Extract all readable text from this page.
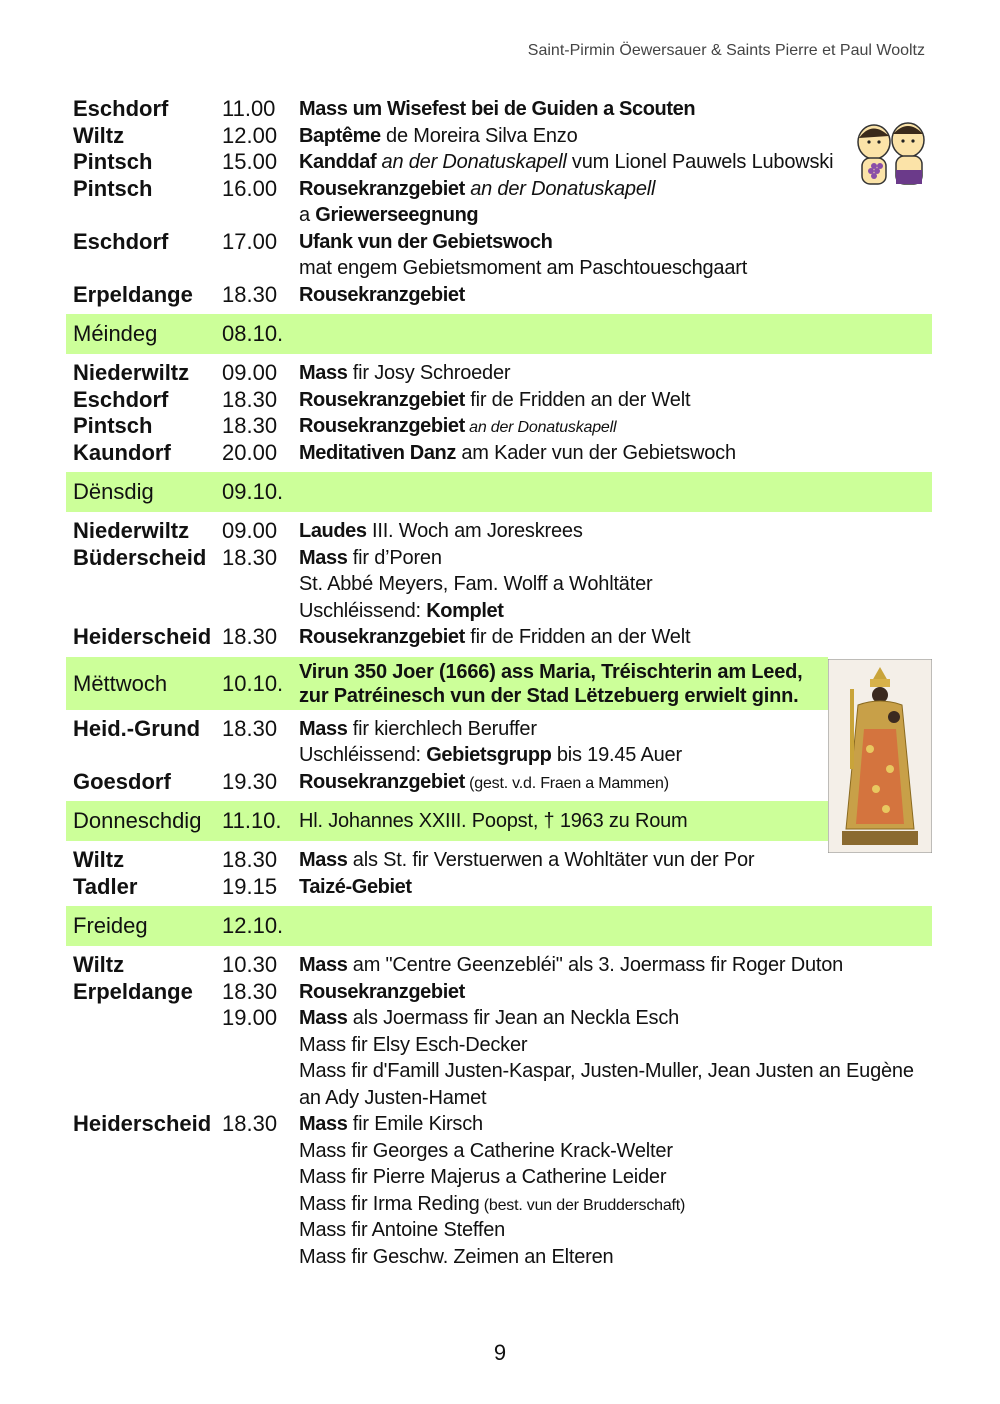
Saint-Pirmin Öewersauer & Saints Pierre et Paul Wooltz
Eschdorf 11.00 Mass um Wisefest bei de Guiden a Scouten
Wiltz	12.00 Baptême de Moreira Silva Enzo
Pintsch	15.00 Kanddaf an der Donatuskapell vum Lionel Pauwels Lubowski
Pintsch	16.00 Rousekranzgebiet an der Donatuskapell
a Griewerseegnung
Eschdorf 17.00 Ufank vun der Gebietswoch
mat engem Gebietsmoment am Paschtoueschgaart
Erpeldange 18.30 Rousekranzgebiet
Méindeg	08.10.
Niederwiltz 09.00 Mass fir Josy Schroeder
Eschdorf 18.30 Rousekranzgebiet fir de Fridden an der Welt
Pintsch	18.30 Rousekranzgebiet an der Donatuskapell
Kaundorf 20.00 Meditativen Danz am Kader vun der Gebietswoch
Dënsdig	09.10.
Niederwiltz 09.00 Laudes III. Woch am Joreskrees
Büderscheid 18.30 Mass fir d’Poren
St. Abbé Meyers, Fam. Wolff a Wohltäter
Uschléissend: Komplet
Heiderscheid 18.30 Rousekranzgebiet fir de Fridden an der Welt
Mëttwoch 10.10. Virun 350 Joer (1666) ass Maria, Tréischterin am Leed,
zur Patréinesch vun der Stad Lëtzebuerg erwielt ginn.
Heid.-Grund 18.30 Mass fir kierchlech Beruffer
Uschléissend: Gebietsgrupp bis 19.45 Auer
Goesdorf 19.30 Rousekranzgebiet (gest. v.d. Fraen a Mammen)
Donneschdig 11.10. Hl. Johannes XXIII. Poopst, † 1963 zu Roum
Wiltz	18.30 Mass als St. fir Verstuerwen a Wohltäter vun der Por
Tadler	19.15 Taizé-Gebiet
Freideg	12.10.
Wiltz	10.30 Mass am "Centre Geenzebléi" als 3. Joermass fir Roger Duton
Erpeldange 18.30 Rousekranzgebiet
19.00 Mass als Joermass fir Jean an Neckla Esch
Mass fir Elsy Esch-Decker
Mass fir d'Famill Justen-Kaspar, Justen-Muller, Jean Justen an Eugène
an Ady Justen-Hamet
Heiderscheid 18.30 Mass fir Emile Kirsch
Mass fir Georges a Catherine Krack-Welter
Mass fir Pierre Majerus a Catherine Leider
Mass fir Irma Reding (best. vun der Brudderschaft)
Mass fir Antoine Steffen
Mass fir Geschw. Zeimen an Elteren
9
